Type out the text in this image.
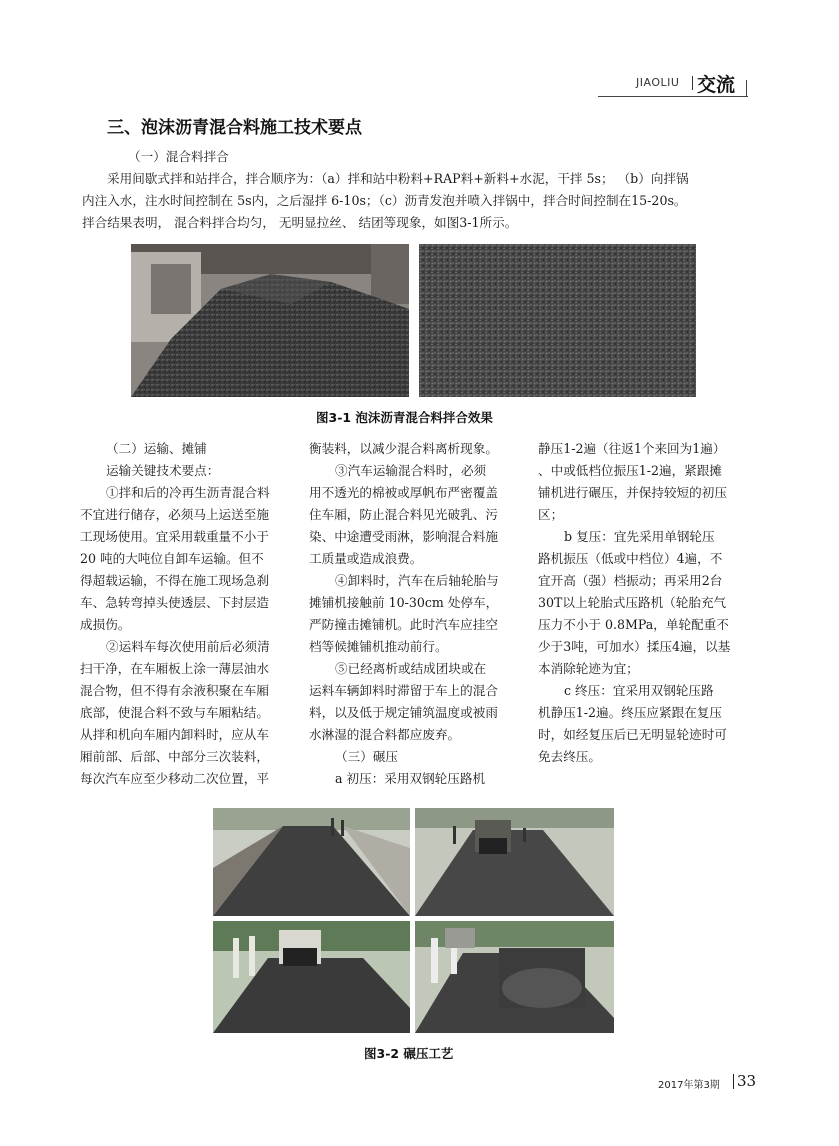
JIAOLIU 交流
三、泡沫沥青混合料施工技术要点
（一）混合料拌合
采用间歇式拌和站拌合，拌合顺序为：（a）拌和站中粉料+RAP料+新料+水泥，干拌 5s； （b）向拌锅
内注入水，注水时间控制在 5s内，之后湿拌 6-10s；（c）沥青发泡并喷入拌锅中，拌合时间控制在15-20s。
拌合结果表明， 混合料拌合均匀， 无明显拉丝、 结团等现象，如图3-1所示。
图3-1 泡沫沥青混合料拌合效果
（二）运输、摊铺
运输关键技术要点：
①拌和后的冷再生沥青混合料
不宜进行储存，必须马上运送至施
工现场使用。宜采用载重量不小于
20 吨的大吨位自卸车运输。但不
得超载运输，不得在施工现场急刹
车、急转弯掉头使透层、下封层造
成损伤。
②运料车每次使用前后必须清
扫干净，在车厢板上涂一薄层油水
混合物，但不得有余液积聚在车厢
底部，使混合料不致与车厢粘结。
从拌和机向车厢内卸料时，应从车
厢前部、后部、中部分三次装料，
每次汽车应至少移动二次位置，平
衡装料，以减少混合料离析现象。
③汽车运输混合料时，必须
用不透光的棉被或厚帆布严密覆盖
住车厢，防止混合料见光破乳、污
染、中途遭受雨淋，影响混合料施
工质量或造成浪费。
④卸料时，汽车在后轴轮胎与
摊铺机接触前 10-30cm 处停车，
严防撞击摊铺机。此时汽车应挂空
档等候摊铺机推动前行。
⑤已经离析或结成团块或在
运料车辆卸料时滞留于车上的混合
料，以及低于规定铺筑温度或被雨
水淋湿的混合料都应废弃。
（三）碾压
a 初压：采用双钢轮压路机
静压1-2遍（往返1个来回为1遍）
、中或低档位振压1-2遍，紧跟摊
铺机进行碾压，并保持较短的初压
区；
b 复压：宜先采用单钢轮压
路机振压（低或中档位）4遍，不
宜开高（强）档振动；再采用2台
30T以上轮胎式压路机（轮胎充气
压力不小于 0.8MPa，单轮配重不
少于3吨，可加水）揉压4遍，以基
本消除轮迹为宜；
c 终压：宜采用双钢轮压路
机静压1-2遍。终压应紧跟在复压
时，如经复压后已无明显轮迹时可
免去终压。
图3-2 碾压工艺
2017年第3期 33
